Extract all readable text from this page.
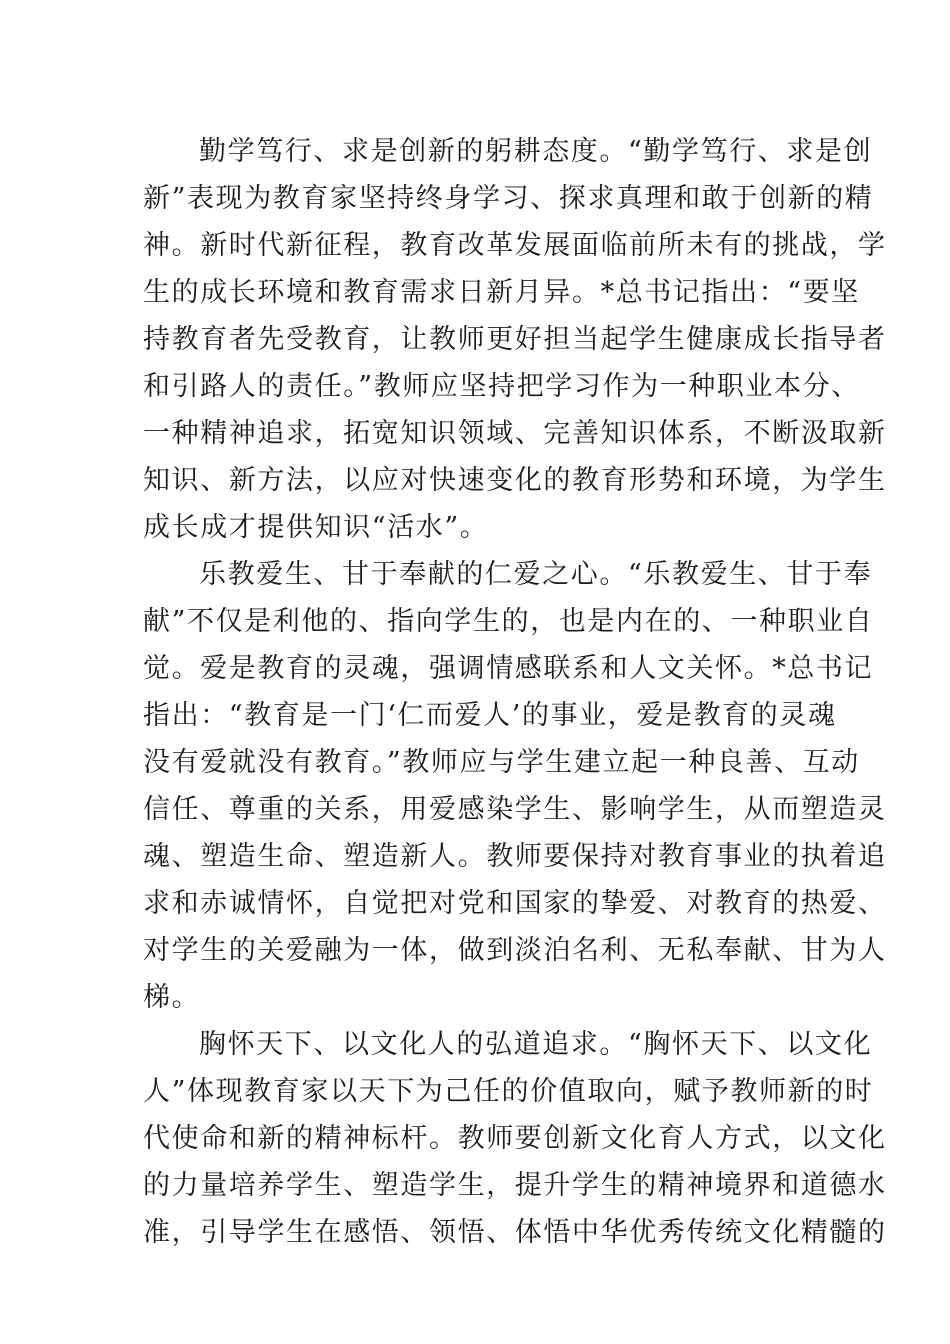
勤学笃行、求是创新的躬耕态度。“勤学笃行、求是创
新”表现为教育家坚持终身学习、探求真理和敢于创新的精
神。新时代新征程，教育改革发展面临前所未有的挑战，学
生的成长环境和教育需求日新月异。*总书记指出：“要坚
持教育者先受教育，让教师更好担当起学生健康成长指导者
和引路人的责任。”教师应坚持把学习作为一种职业本分、
一种精神追求，拓宽知识领域、完善知识体系，不断汲取新
知识、新方法，以应对快速变化的教育形势和环境，为学生
成长成才提供知识“活水”。
乐教爱生、甘于奉献的仁爱之心。“乐教爱生、甘于奉
献”不仅是利他的、指向学生的，也是内在的、一种职业自
觉。爱是教育的灵魂，强调情感联系和人文关怀。*总书记
指出：“教育是一门‘仁而爱人’的事业，爱是教育的灵魂
没有爱就没有教育。”教师应与学生建立起一种良善、互动
信任、尊重的关系，用爱感染学生、影响学生，从而塑造灵
魂、塑造生命、塑造新人。教师要保持对教育事业的执着追
求和赤诚情怀，自觉把对党和国家的挚爱、对教育的热爱、
对学生的关爱融为一体，做到淡泊名利、无私奉献、甘为人
梯。
胸怀天下、以文化人的弘道追求。“胸怀天下、以文化
人”体现教育家以天下为己任的价值取向，赋予教师新的时
代使命和新的精神标杆。教师要创新文化育人方式，以文化
的力量培养学生、塑造学生，提升学生的精神境界和道德水
准，引导学生在感悟、领悟、体悟中华优秀传统文化精髓的
